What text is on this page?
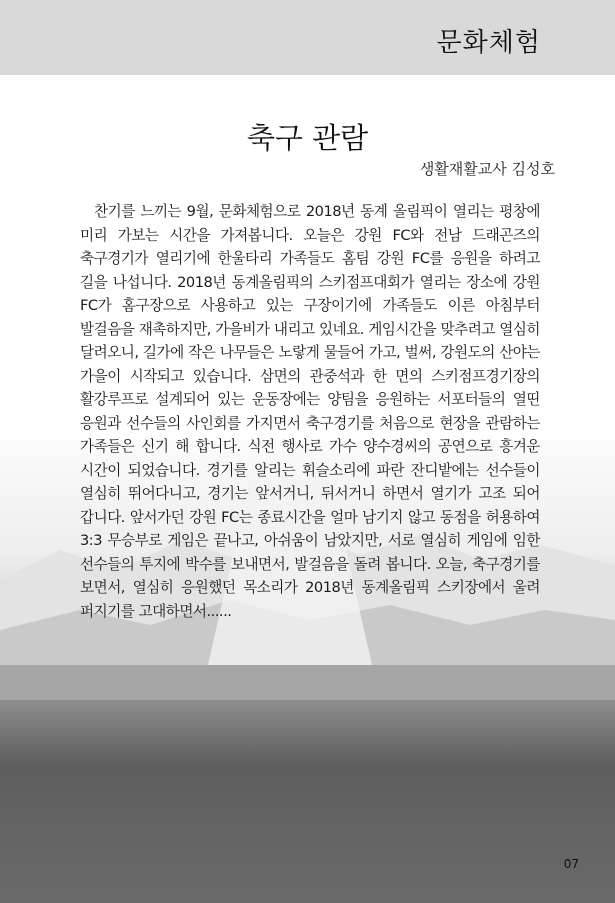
문화체험
축구 관람
생활재활교사 김성호
찬기를 느끼는 9월, 문화체험으로 2018년 동계 올림픽이 열리는 평창에 미리 가보는 시간을 가져봅니다. 오늘은 강원 FC와 전남 드래곤즈의 축구경기가 열리기에 한울타리 가족들도 홈팀 강원 FC를 응원을 하려고 길을 나섭니다. 2018년 동계올림픽의 스키점프대회가 열리는 장소에 강원 FC가 홈구장으로 사용하고 있는 구장이기에 가족들도 이른 아침부터 발걸음을 재촉하지만, 가을비가 내리고 있네요. 게임시간을 맞추려고 열심히 달려오니, 길가에 작은 나무들은 노랗게 물들어 가고, 벌써, 강원도의 산야는 가을이 시작되고 있습니다. 삼면의 관중석과 한 면의 스키점프경기장의 활강루프로 설계되어 있는 운동장에는 양팀을 응원하는 서포터들의 열띤 응원과 선수들의 사인회를 가지면서 축구경기를 처음으로 현장을 관람하는 가족들은 신기 해 합니다. 식전 행사로 가수 양수경씨의 공연으로 흥겨운 시간이 되었습니다. 경기를 알리는 휘슬소리에 파란 잔디밭에는 선수들이 열심히 뛰어다니고, 경기는 앞서거니, 뒤서거니 하면서 열기가 고조 되어 갑니다. 앞서가던 강원 FC는 종료시간을 얼마 남기지 않고 동점을 허용하여 3:3 무승부로 게임은 끝나고, 아쉬움이 남았지만, 서로 열심히 게임에 임한 선수들의 투지에 박수를 보내면서, 발걸음을 돌려 봅니다. 오늘, 축구경기를 보면서, 열심히 응원했던 목소리가 2018년 동계올림픽 스키장에서 울려 퍼지기를 고대하면서......
07
